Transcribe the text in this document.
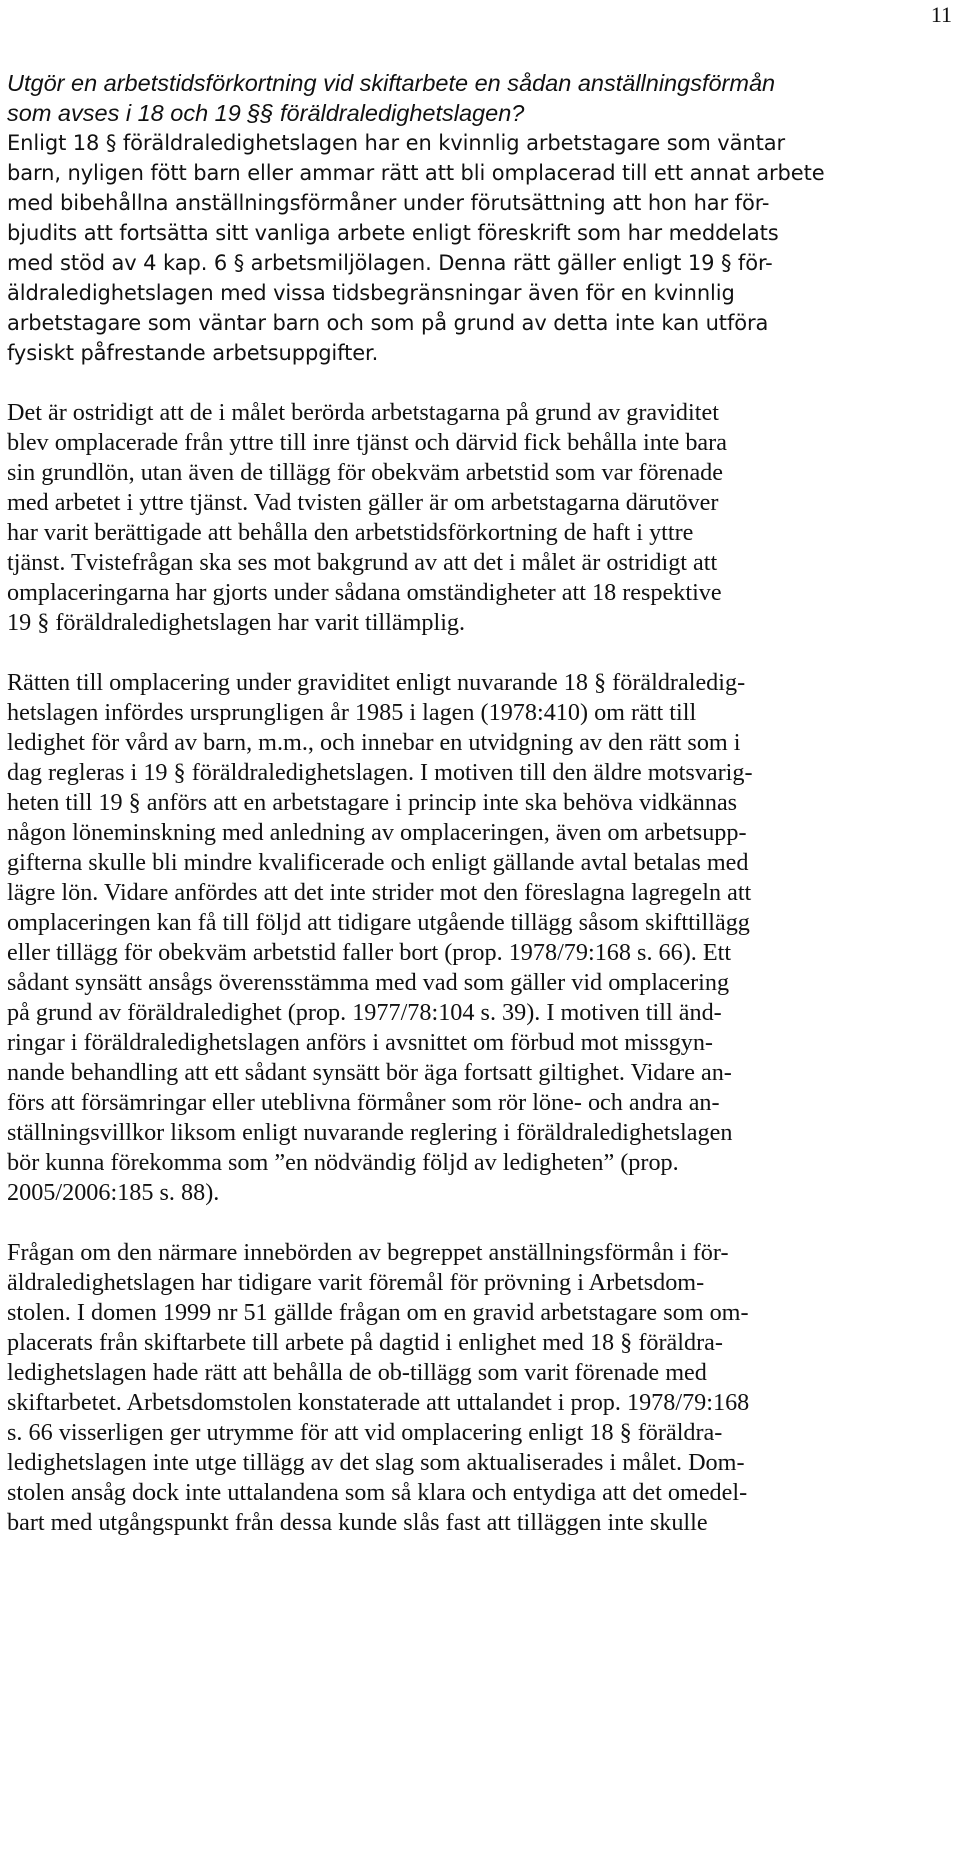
11

Utgör en arbetstidsförkortning vid skiftarbete en sådan anställningsförmån
som avses i 18 och 19 §§ föräldraledighetslagen?

Enligt 18 § föräldraledighetslagen har en kvinnlig arbetstagare som väntar
barn, nyligen fött barn eller ammar rätt att bli omplacerad till ett annat arbete
med bibehållna anställningsförmåner under förutsättning att hon har för-
bjudits att fortsätta sitt vanliga arbete enligt föreskrift som har meddelats
med stöd av 4 kap. 6 § arbetsmiljölagen. Denna rätt gäller enligt 19 § för-
äldraledighetslagen med vissa tidsbegränsningar även för en kvinnlig
arbetstagare som väntar barn och som på grund av detta inte kan utföra
fysiskt påfrestande arbetsuppgifter.

Det är ostridigt att de i målet berörda arbetstagarna på grund av graviditet
blev omplacerade från yttre till inre tjänst och därvid fick behålla inte bara
sin grundlön, utan även de tillägg för obekväm arbetstid som var förenade
med arbetet i yttre tjänst. Vad tvisten gäller är om arbetstagarna därutöver
har varit berättigade att behålla den arbetstidsförkortning de haft i yttre
tjänst. Tvistefrågan ska ses mot bakgrund av att det i målet är ostridigt att
omplaceringarna har gjorts under sådana omständigheter att 18 respektive
19 § föräldraledighetslagen har varit tillämplig.

Rätten till omplacering under graviditet enligt nuvarande 18 § föräldraledig-
hetslagen infördes ursprungligen år 1985 i lagen (1978:410) om rätt till
ledighet för vård av barn, m.m., och innebar en utvidgning av den rätt som i
dag regleras i 19 § föräldraledighetslagen. I motiven till den äldre motsvarig-
heten till 19 § anförs att en arbetstagare i princip inte ska behöva vidkännas
någon löneminskning med anledning av omplaceringen, även om arbetsupp-
gifterna skulle bli mindre kvalificerade och enligt gällande avtal betalas med
lägre lön. Vidare anfördes att det inte strider mot den föreslagna lagregeln att
omplaceringen kan få till följd att tidigare utgående tillägg såsom skifttillägg
eller tillägg för obekväm arbetstid faller bort (prop. 1978/79:168 s. 66). Ett
sådant synsätt ansågs överensstämma med vad som gäller vid omplacering
på grund av föräldraledighet (prop. 1977/78:104 s. 39). I motiven till änd-
ringar i föräldraledighetslagen anförs i avsnittet om förbud mot missgyn-
nande behandling att ett sådant synsätt bör äga fortsatt giltighet. Vidare an-
förs att försämringar eller uteblivna förmåner som rör löne- och andra an-
ställningsvillkor liksom enligt nuvarande reglering i föräldraledighetslagen
bör kunna förekomma som ”en nödvändig följd av ledigheten” (prop.
2005/2006:185 s. 88).

Frågan om den närmare innebörden av begreppet anställningsförmån i för-
äldraledighetslagen har tidigare varit föremål för prövning i Arbetsdom-
stolen. I domen 1999 nr 51 gällde frågan om en gravid arbetstagare som om-
placerats från skiftarbete till arbete på dagtid i enlighet med 18 § föräldra-
ledighetslagen hade rätt att behålla de ob-tillägg som varit förenade med
skiftarbetet. Arbetsdomstolen konstaterade att uttalandet i prop. 1978/79:168
s. 66 visserligen ger utrymme för att vid omplacering enligt 18 § föräldra-
ledighetslagen inte utge tillägg av det slag som aktualiserades i målet. Dom-
stolen ansåg dock inte uttalandena som så klara och entydiga att det omedel-
bart med utgångspunkt från dessa kunde slås fast att tilläggen inte skulle
